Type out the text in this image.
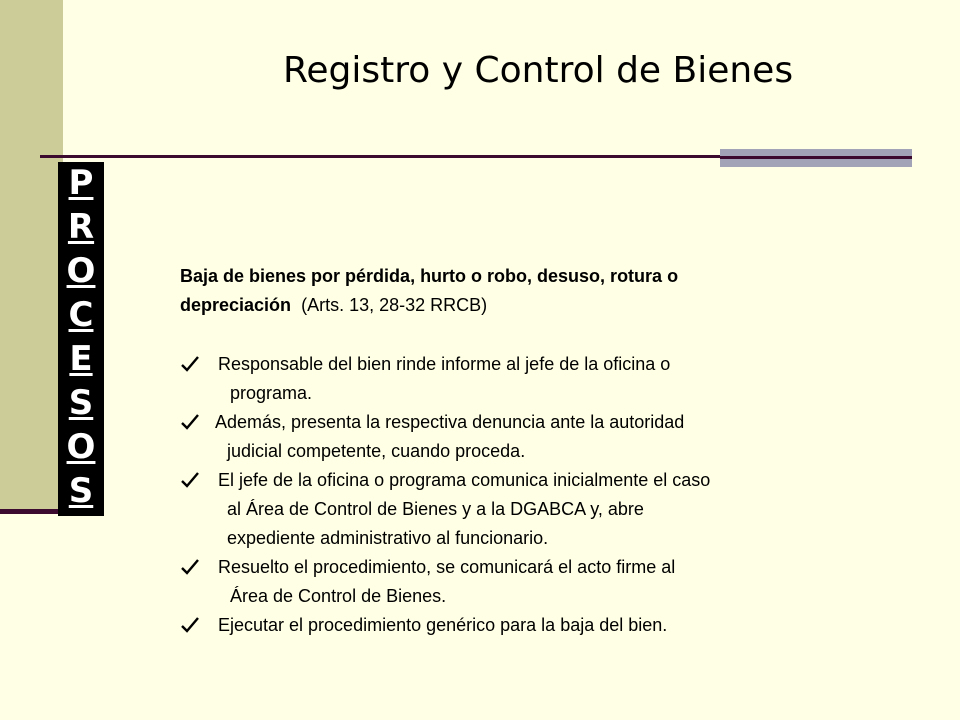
Registro y Control de Bienes
P
R
O
C
E
S
O
S
Baja de bienes por pérdida, hurto o robo, desuso, rotura o
depreciación (Arts. 13, 28-32 RRCB)
Responsable del bien rinde informe al jefe de la oficina o
programa.
Además, presenta la respectiva denuncia ante la autoridad
judicial competente, cuando proceda.
El jefe de la oficina o programa comunica inicialmente el caso
al Área de Control de Bienes y a la DGABCA y, abre
expediente administrativo al funcionario.
Resuelto el procedimiento, se comunicará el acto firme al
Área de Control de Bienes.
Ejecutar el procedimiento genérico para la baja del bien.
